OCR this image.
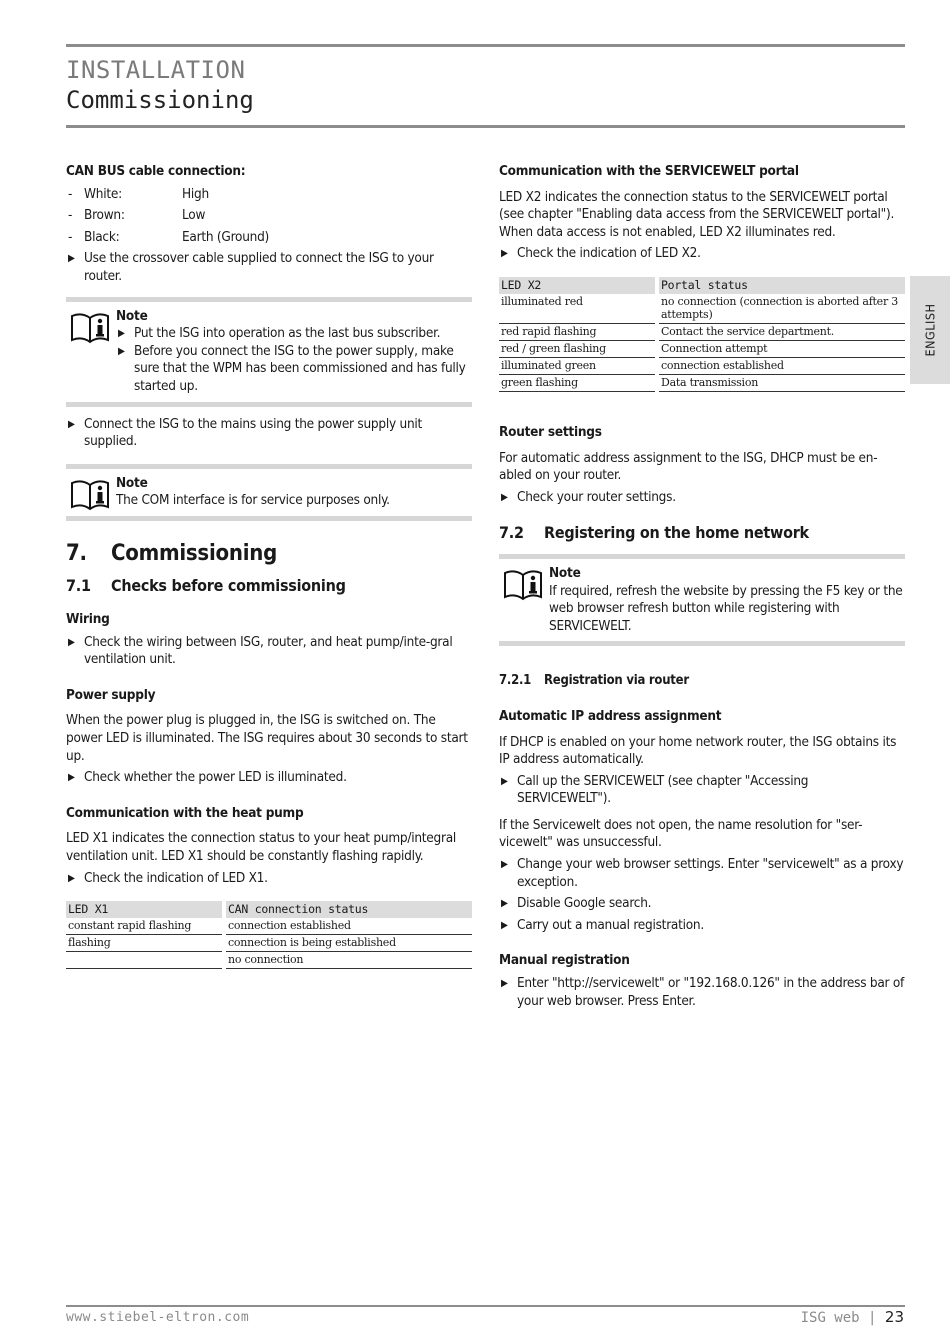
INSTALLATION
Commissioning
ENGLISH
CAN BUS cable connection:
- White:	High
- Brown:	Low
- Black:	Earth (Ground)
▶ Use the crossover cable supplied to connect the ISG to your router.
Note
▶ Put the ISG into operation as the last bus subscriber.
▶ Before you connect the ISG to the power supply, make sure that the WPM has been commissioned and has fully started up.
▶ Connect the ISG to the mains using the power supply unit supplied.
Note
The COM interface is for service purposes only.
7. Commissioning
7.1 Checks before commissioning
Wiring
▶ Check the wiring between ISG, router, and heat pump/inte-gral ventilation unit.
Power supply
When the power plug is plugged in, the ISG is switched on. The power LED is illuminated. The ISG requires about 30 seconds to start up.
▶ Check whether the power LED is illuminated.
Communication with the heat pump
LED X1 indicates the connection status to your heat pump/integral ventilation unit. LED X1 should be constantly flashing rapidly.
▶ Check the indication of LED X1.
LED X1		CAN connection status
constant rapid flashing		connection established
flashing		connection is being established
		no connection
Communication with the SERVICEWELT portal
LED X2 indicates the connection status to the SERVICEWELT portal (see chapter "Enabling data access from the SERVICEWELT portal"). When data access is not enabled, LED X2 illuminates red.
▶ Check the indication of LED X2.
LED X2		Portal status
illuminated red		no connection (connection is aborted after 3 attempts)
red rapid flashing		Contact the service department.
red / green flashing		Connection attempt
illuminated green		connection established
green flashing		Data transmission
Router settings
For automatic address assignment to the ISG, DHCP must be en-abled on your router.
▶ Check your router settings.
7.2 Registering on the home network
Note
If required, refresh the website by pressing the F5 key or the web browser refresh button while registering with SERVICEWELT.
7.2.1 Registration via router
Automatic IP address assignment
If DHCP is enabled on your home network router, the ISG obtains its IP address automatically.
▶ Call up the SERVICEWELT (see chapter "Accessing SERVICEWELT").
If the Servicewelt does not open, the name resolution for "ser-vicewelt" was unsuccessful.
▶ Change your web browser settings. Enter "servicewelt" as a proxy exception.
▶ Disable Google search.
▶ Carry out a manual registration.
Manual registration
▶ Enter "http://servicewelt" or "192.168.0.126" in the address bar of your web browser. Press Enter.
www.stiebel-eltron.com	ISG web | 23
